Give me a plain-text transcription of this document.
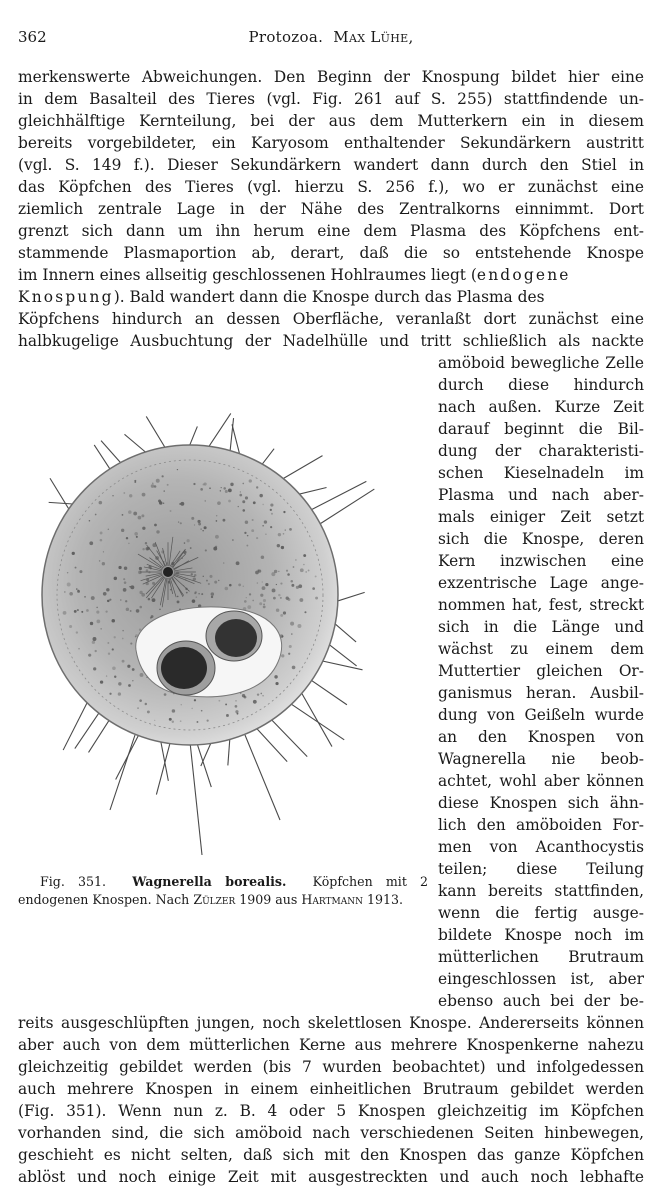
362	Protozoa. Max Lühe,
merkenswerte Abweichungen. Den Beginn der Knospung bildet hier eine
in dem Basalteil des Tieres (vgl. Fig. 261 auf S. 255) stattfindende un-
gleichhälftige Kernteilung, bei der aus dem Mutterkern ein in diesem
bereits vorgebildeter, ein Karyosom enthaltender Sekundärkern austritt
(vgl. S. 149 f.). Dieser Sekundärkern wandert dann durch den Stiel in
das Köpfchen des Tieres (vgl. hierzu S. 256 f.), wo er zunächst eine
ziemlich zentrale Lage in der Nähe des Zentralkorns einnimmt. Dort
grenzt sich dann um ihn herum eine dem Plasma des Köpfchens ent-
stammende Plasmaportion ab, derart, daß die so entstehende Knospe
im Innern eines allseitig geschlossenen Hohlraumes liegt (endogene
Knospung). Bald wandert dann die Knospe durch das Plasma des
Köpfchens hindurch an dessen Oberfläche, veranlaßt dort zunächst eine
halbkugelige Ausbuchtung der Nadelhülle und tritt schließlich als nackte
Fig. 351. Wagnerella borealis. Köpfchen mit 2 endogenen Knospen. Nach Zülzer 1909 aus Hartmann 1913.
amöboid bewegliche Zelle
durch diese hindurch
nach außen. Kurze Zeit
darauf beginnt die Bil-
dung der charakteristi-
schen Kieselnadeln im
Plasma und nach aber-
mals einiger Zeit setzt
sich die Knospe, deren
Kern inzwischen eine
exzentrische Lage ange-
nommen hat, fest, streckt
sich in die Länge und
wächst zu einem dem
Muttertier gleichen Or-
ganismus heran. Ausbil-
dung von Geißeln wurde
an den Knospen von
Wagnerella nie beob-
achtet, wohl aber können
diese Knospen sich ähn-
lich den amöboiden For-
men von Acanthocystis
teilen; diese Teilung
kann bereits stattfinden,
wenn die fertig ausge-
bildete Knospe noch im
mütterlichen Brutraum
eingeschlossen ist, aber
ebenso auch bei der be-
reits ausgeschlüpften jungen, noch skelettlosen Knospe. Andererseits können
aber auch von dem mütterlichen Kerne aus mehrere Knospenkerne nahezu
gleichzeitig gebildet werden (bis 7 wurden beobachtet) und infolgedessen
auch mehrere Knospen in einem einheitlichen Brutraum gebildet werden
(Fig. 351). Wenn nun z. B. 4 oder 5 Knospen gleichzeitig im Köpfchen
vorhanden sind, die sich amöboid nach verschiedenen Seiten hinbewegen,
geschieht es nicht selten, daß sich mit den Knospen das ganze Köpfchen
ablöst und noch einige Zeit mit ausgestreckten und auch noch lebhafte
